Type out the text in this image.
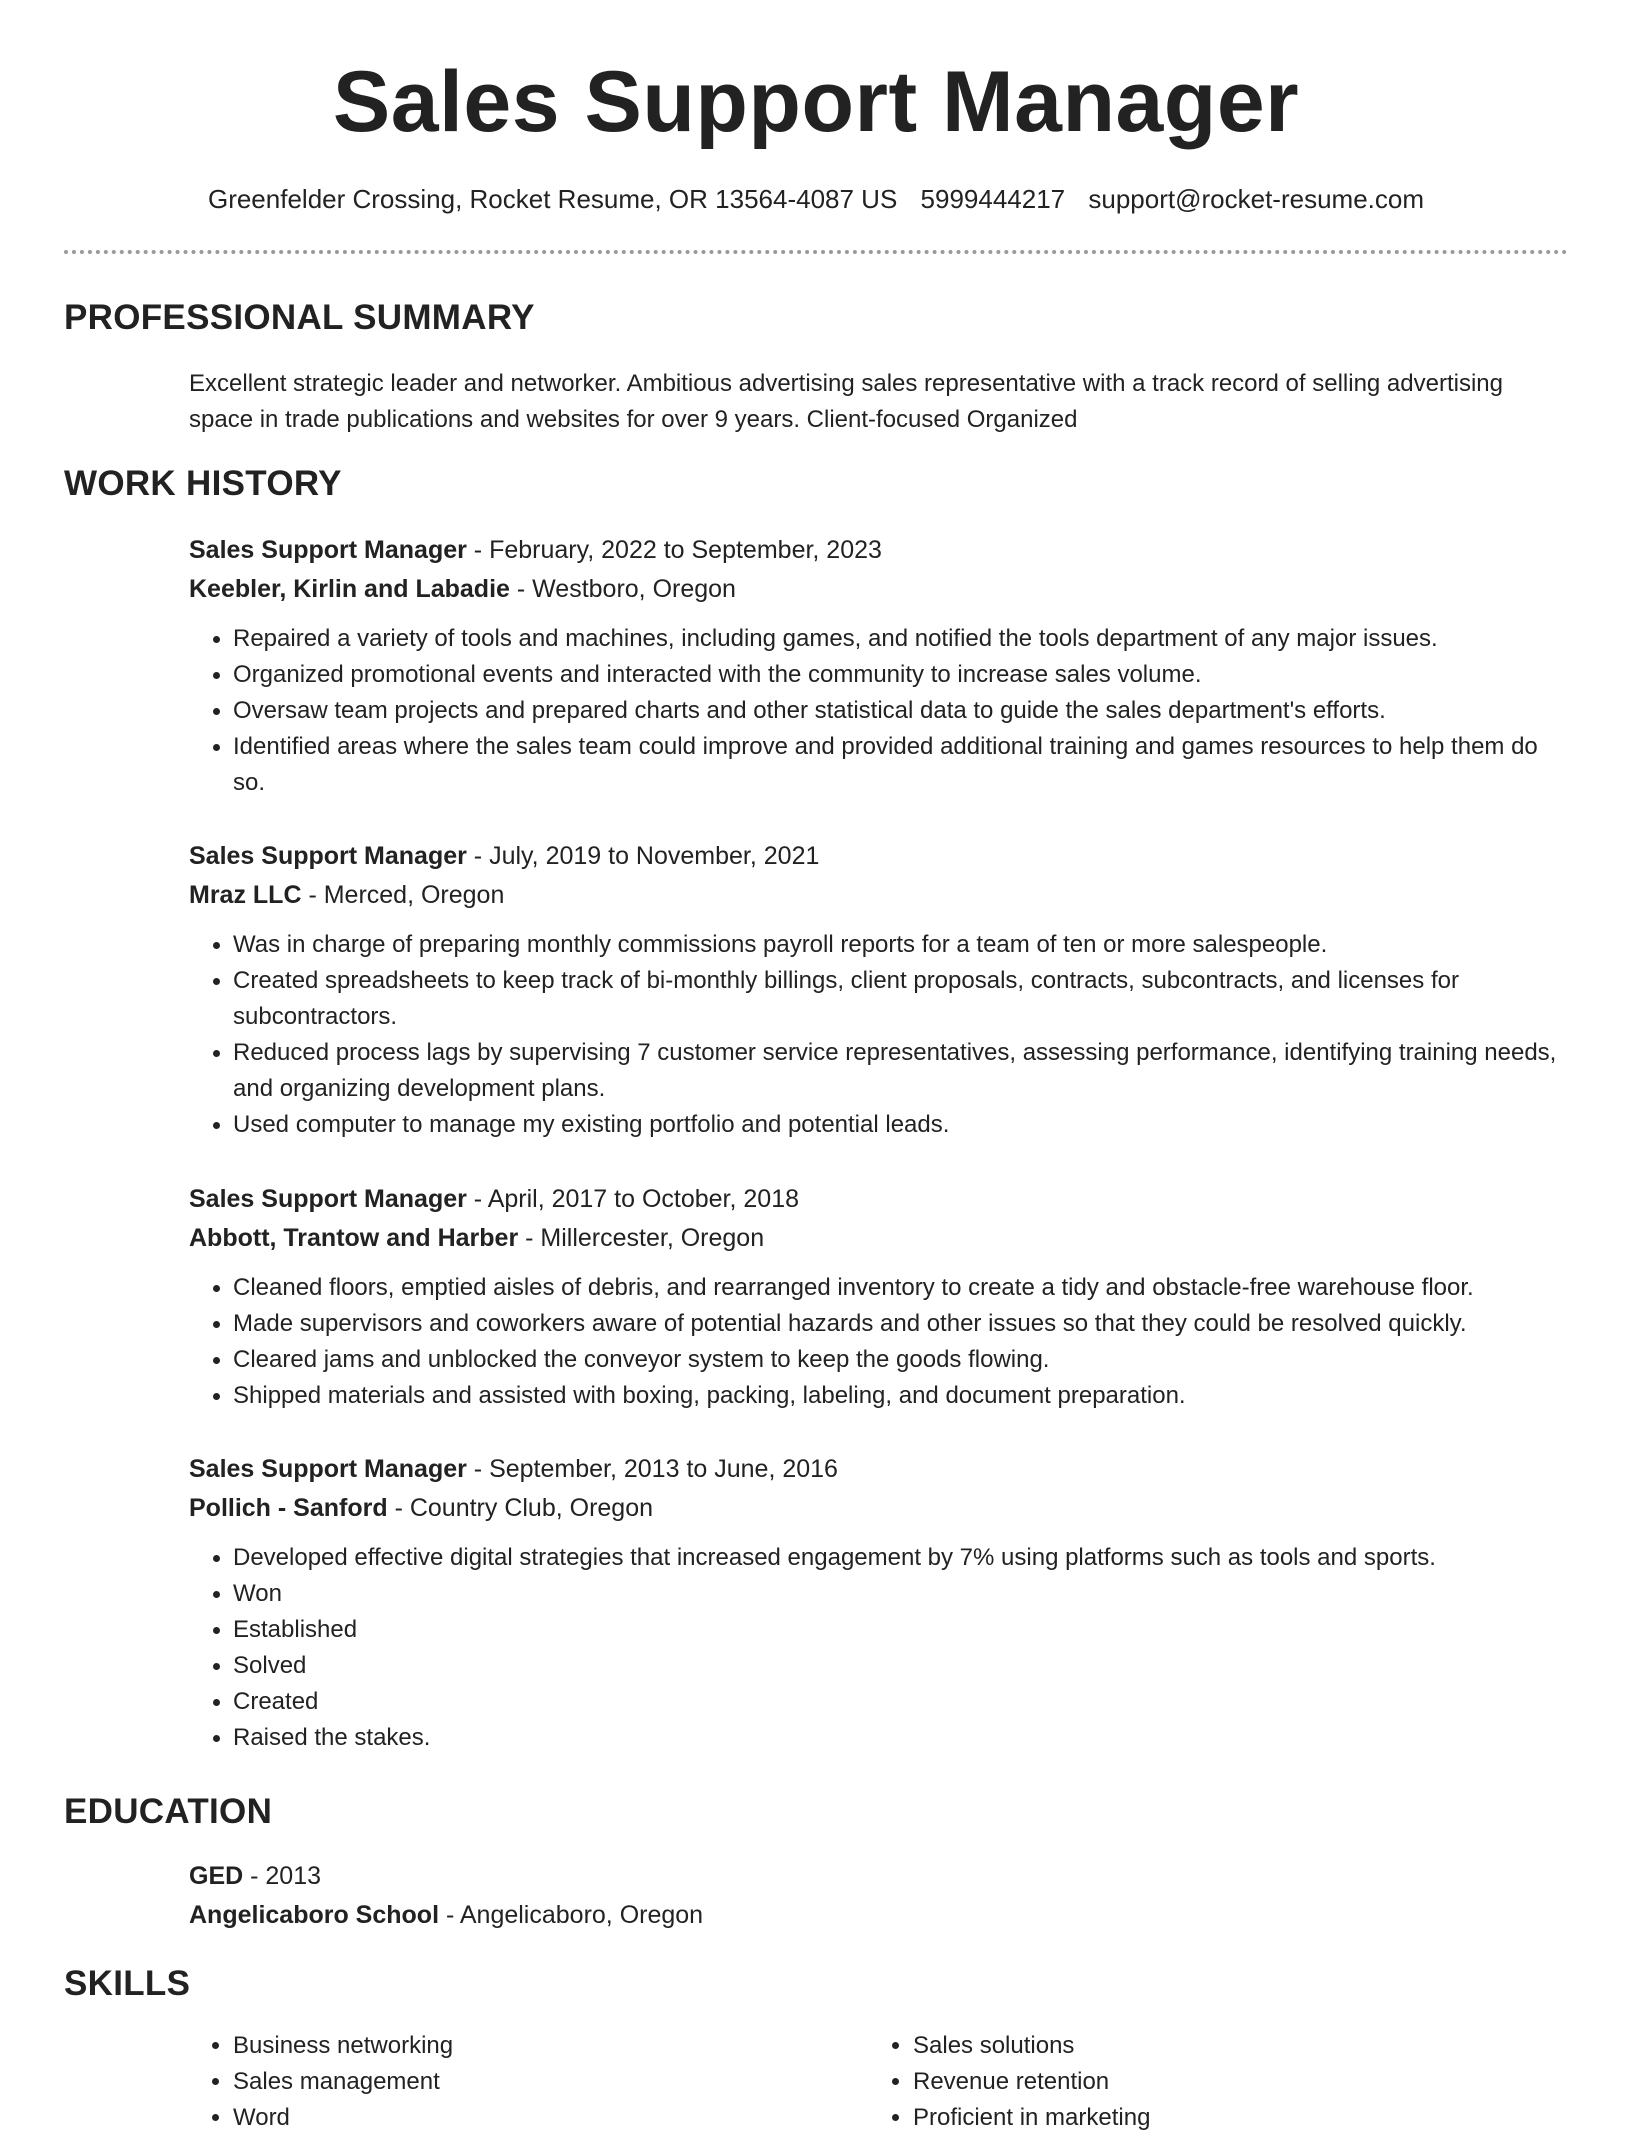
Sales Support Manager
Greenfelder Crossing, Rocket Resume, OR 13564-4087 US 5999444217 support@rocket-resume.com
PROFESSIONAL SUMMARY

Excellent strategic leader and networker. Ambitious advertising sales representative with a track record of selling advertising space in trade publications and websites for over 9 years. Client-focused Organized

WORK HISTORY

Sales Support Manager - February, 2022 to September, 2023

Keebler, Kirlin and Labadie - Westboro, Oregon

• Repaired a variety of tools and machines, including games, and notified the tools department of any major issues.
• Organized promotional events and interacted with the community to increase sales volume.
• Oversaw team projects and prepared charts and other statistical data to guide the sales department's efforts.
• Identified areas where the sales team could improve and provided additional training and games resources to help them do so.

Sales Support Manager - July, 2019 to November, 2021

Mraz LLC - Merced, Oregon

• Was in charge of preparing monthly commissions payroll reports for a team of ten or more salespeople.
• Created spreadsheets to keep track of bi-monthly billings, client proposals, contracts, subcontracts, and licenses for subcontractors.
• Reduced process lags by supervising 7 customer service representatives, assessing performance, identifying training needs, and organizing development plans.
• Used computer to manage my existing portfolio and potential leads.

Sales Support Manager - April, 2017 to October, 2018

Abbott, Trantow and Harber - Millercester, Oregon

• Cleaned floors, emptied aisles of debris, and rearranged inventory to create a tidy and obstacle-free warehouse floor.
• Made supervisors and coworkers aware of potential hazards and other issues so that they could be resolved quickly.
• Cleared jams and unblocked the conveyor system to keep the goods flowing.
• Shipped materials and assisted with boxing, packing, labeling, and document preparation.

Sales Support Manager - September, 2013 to June, 2016

Pollich - Sanford - Country Club, Oregon

• Developed effective digital strategies that increased engagement by 7% using platforms such as tools and sports.
• Won
• Established
• Solved
• Created
• Raised the stakes.
EDUCATION

GED - 2013

Angelicaboro School - Angelicaboro, Oregon

SKILLS
• Business networking
• Sales management
• Word
• Sales solutions
• Revenue retention
• Proficient in marketing
